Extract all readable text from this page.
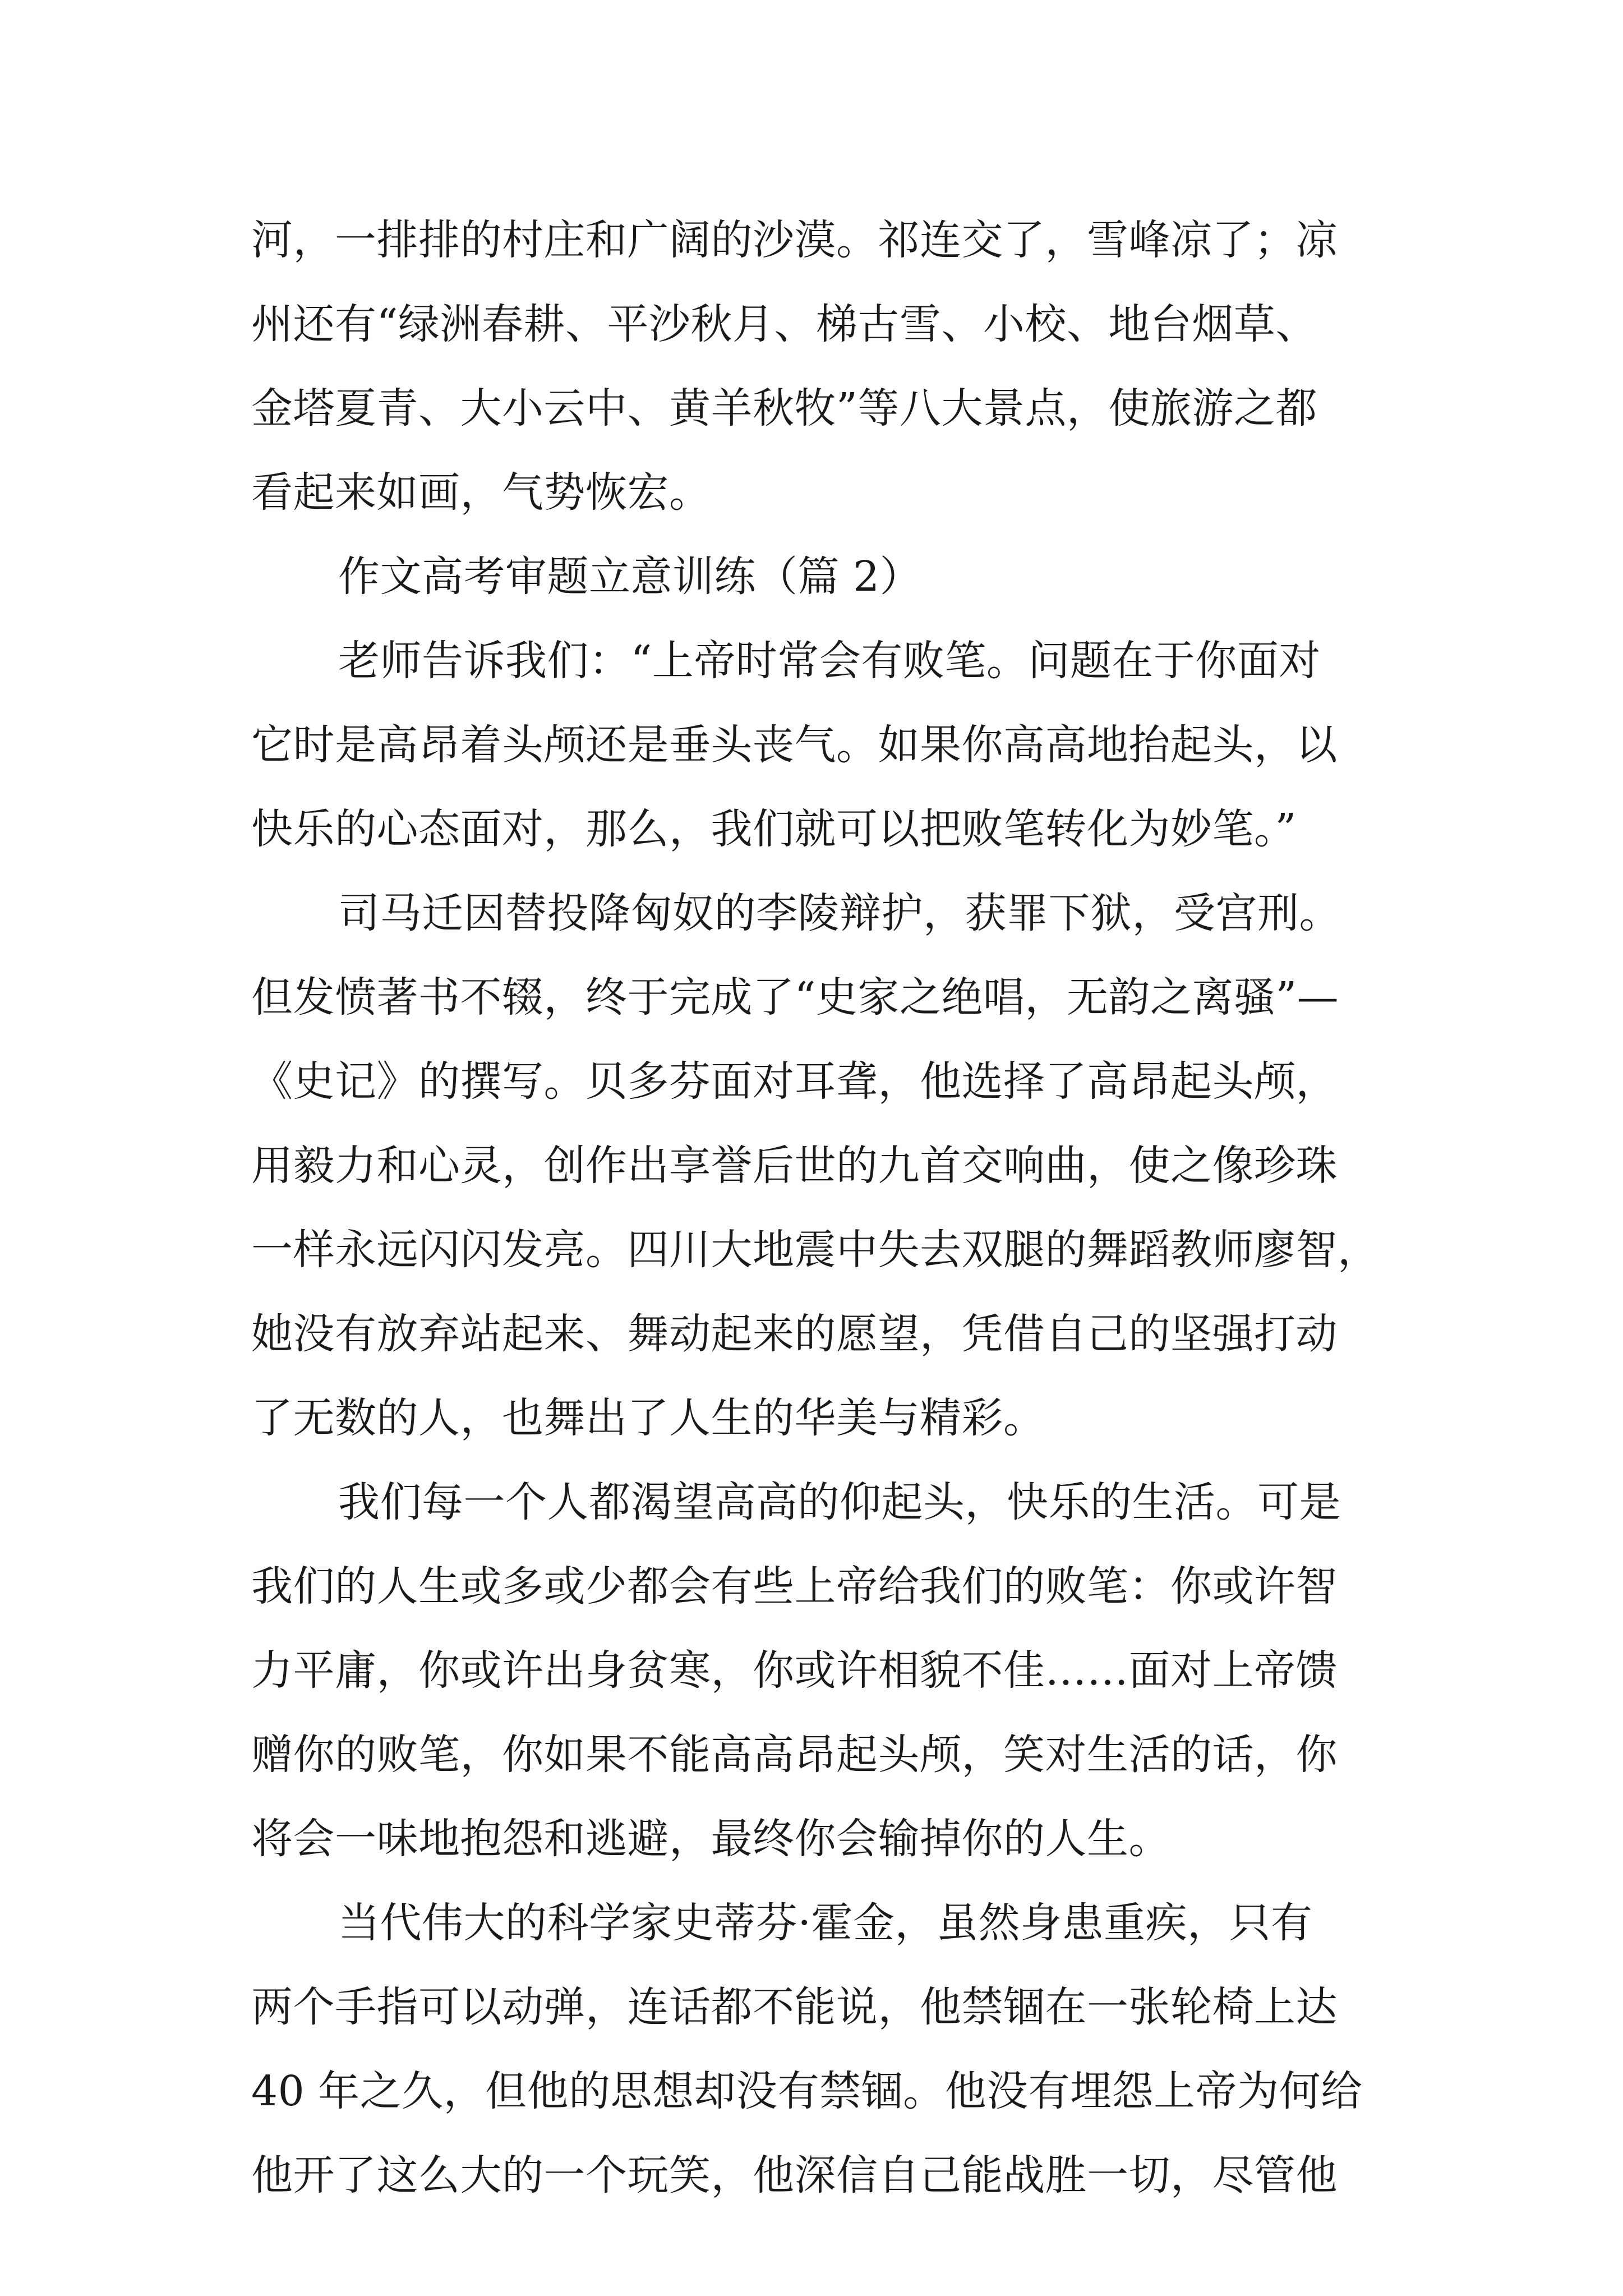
河，一排排的村庄和广阔的沙漠。祁连交了，雪峰凉了；凉
州还有“绿洲春耕、平沙秋月、梯古雪、小校、地台烟草、
金塔夏青、大小云中、黄羊秋牧”等八大景点，使旅游之都
看起来如画，气势恢宏。
作文高考审题立意训练（篇 2）
老师告诉我们：“上帝时常会有败笔。问题在于你面对
它时是高昂着头颅还是垂头丧气。如果你高高地抬起头，以
快乐的心态面对，那么，我们就可以把败笔转化为妙笔。”
司马迁因替投降匈奴的李陵辩护，获罪下狱，受宫刑。
但发愤著书不辍，终于完成了“史家之绝唱，无韵之离骚”—
《史记》的撰写。贝多芬面对耳聋，他选择了高昂起头颅，
用毅力和心灵，创作出享誉后世的九首交响曲，使之像珍珠
一样永远闪闪发亮。四川大地震中失去双腿的舞蹈教师廖智，
她没有放弃站起来、舞动起来的愿望，凭借自己的坚强打动
了无数的人，也舞出了人生的华美与精彩。
我们每一个人都渴望高高的仰起头，快乐的生活。可是
我们的人生或多或少都会有些上帝给我们的败笔：你或许智
力平庸，你或许出身贫寒，你或许相貌不佳……面对上帝馈
赠你的败笔，你如果不能高高昂起头颅，笑对生活的话，你
将会一味地抱怨和逃避，最终你会输掉你的人生。
当代伟大的科学家史蒂芬·霍金，虽然身患重疾，只有
两个手指可以动弹，连话都不能说，他禁锢在一张轮椅上达
40 年之久，但他的思想却没有禁锢。他没有埋怨上帝为何给
他开了这么大的一个玩笑，他深信自己能战胜一切，尽管他
